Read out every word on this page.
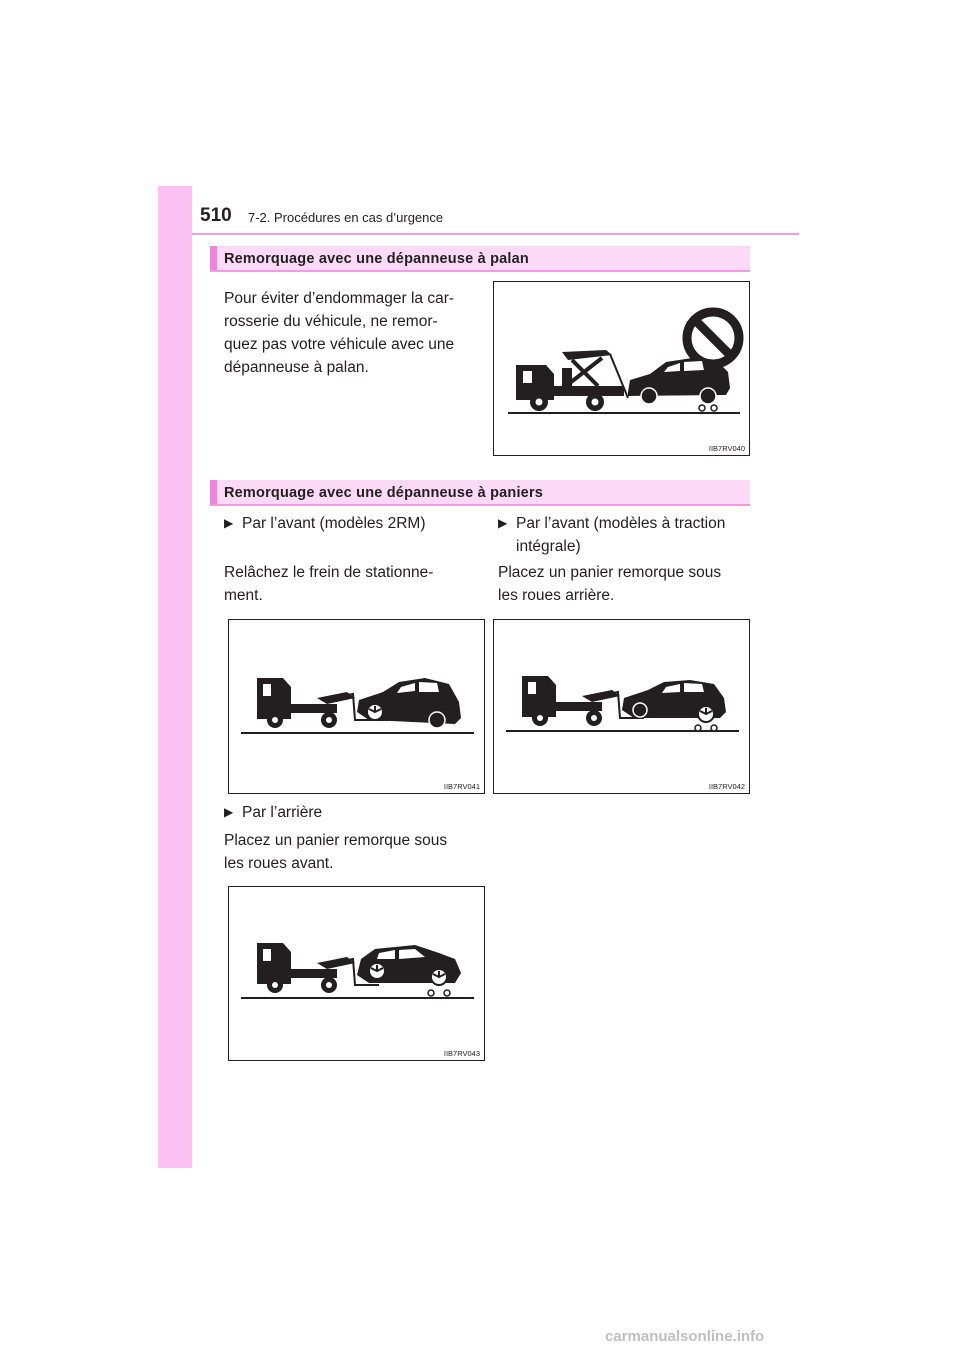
510 7-2. Procédures en cas d’urgence
Remorquage avec une dépanneuse à palan
Pour éviter d’endommager la car-
rosserie du véhicule, ne remor-
quez pas votre véhicule avec une
dépanneuse à palan.
IIB7RV040
Remorquage avec une dépanneuse à paniers
▶ Par l’avant (modèles 2RM)
Relâchez le frein de stationne-
ment.
▶ Par l’avant (modèles à traction
intégrale)
Placez un panier remorque sous
les roues arrière.
IIB7RV041	IIB7RV042
▶ Par l’arrière
Placez un panier remorque sous
les roues avant.
IIB7RV043
carmanualsonline.info
